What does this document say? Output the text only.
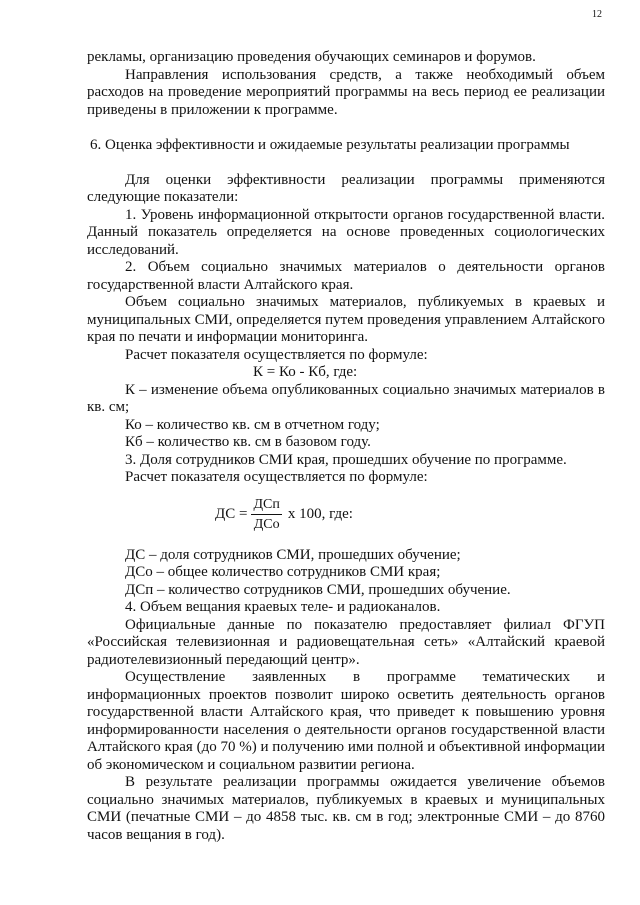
12

рекламы, организацию проведения обучающих семинаров и форумов.

Направления использования средств, а также необходимый объем расходов на проведение мероприятий программы на весь период ее реализации приведены в приложении к программе.

6. Оценка эффективности и ожидаемые результаты реализации программы

Для оценки эффективности реализации программы применяются следующие показатели:

1. Уровень информационной открытости органов государственной власти. Данный показатель определяется на основе проведенных социологических исследований.

2. Объем социально значимых материалов о деятельности органов государственной власти Алтайского края.

Объем социально значимых материалов, публикуемых в краевых и муниципальных СМИ, определяется путем проведения управлением Алтайского края по печати и информации мониторинга.

Расчет показателя осуществляется по формуле:

К = Ко - Кб, где:

К – изменение объема опубликованных социально значимых материалов в кв. см;

Ко – количество кв. см в отчетном году;

Кб – количество кв. см в базовом году.

3. Доля сотрудников СМИ края, прошедших обучение по программе.

Расчет показателя осуществляется по формуле:

ДС = $\frac{\text{ДСп}}{\text{ДСо}}$ х 100, где:

ДС – доля сотрудников СМИ, прошедших обучение;

ДСо – общее количество сотрудников СМИ края;

ДСп – количество сотрудников СМИ, прошедших обучение.

4. Объем вещания краевых теле- и радиоканалов.

Официальные данные по показателю предоставляет филиал ФГУП «Российская телевизионная и радиовещательная сеть» «Алтайский краевой радиотелевизионный передающий центр».

Осуществление заявленных в программе тематических и информационных проектов позволит широко осветить деятельность органов государственной власти Алтайского края, что приведет к повышению уровня информированности населения о деятельности органов государственной власти Алтайского края (до 70 %) и получению ими полной и объективной информации об экономическом и социальном развитии региона.

В результате реализации программы ожидается увеличение объемов социально значимых материалов, публикуемых в краевых и муниципальных СМИ (печатные СМИ – до 4858 тыс. кв. см в год; электронные СМИ – до 8760 часов вещания в год).
